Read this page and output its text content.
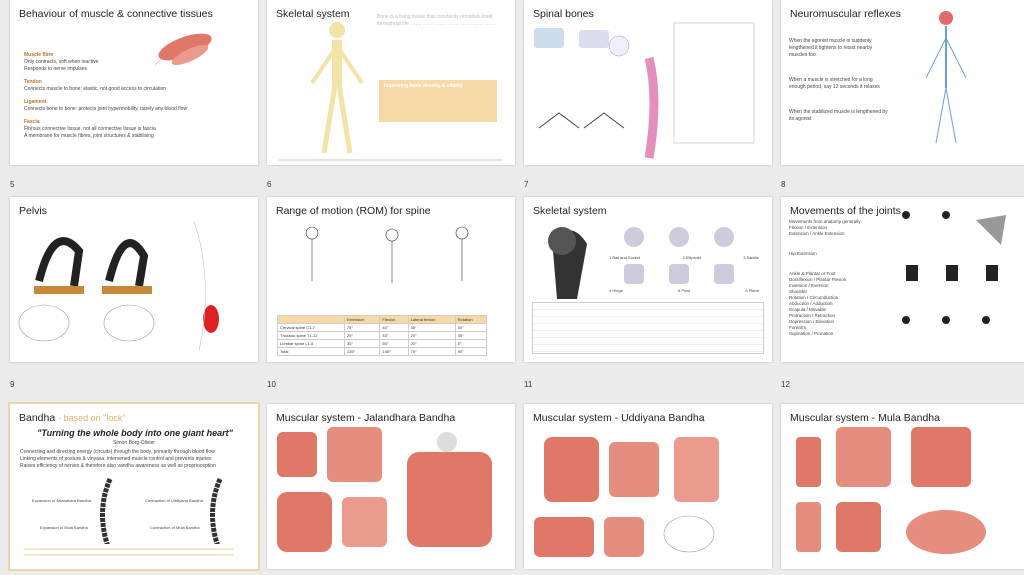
Behaviour of muscle & connective tissues
Muscle fibre
Only contracts, soft when inactive
Responds to nerve impulses
Tendon
Connects muscle to bone: elastic, not good access to circulation
Ligament
Connects bone to bone: protects joint hypermobility, barely any blood flow
Fascia
Fibrous connective tissue, not all connective tissue is fascia
A membrane for muscle fibres, joint structures & stabilising
Skeletal system	Bone is a living tissue that constantly remodels itself throughout life ........ ........ ........ ........ ........ ........ ........
Improving bone density & vitality
Spinal bones	Neuromuscular reflexes
When the agonist muscle is suddenly lengthened it tightens to resist nearby muscles too
When a muscle is stretched for a long enough period, say 12 seconds it relaxes
When the stabilized muscle is lengthened by its agonist
5	6	7	8
Pelvis	Range of motion (ROM) for spine
	Extension	Flexion	Lateral flexion	Rotation
Cervical spine C1-7	75°	40°	35°	50°
Thoracic spine T1-12	25°	45°	20°	35°
Lumbar spine L1-5	35°	60°	20°	5°
Total	135°	145°	75°	90°
Skeletal system
1 Ball and Socket	2 Ellipsoid	3 Saddle
4 Hinge	5 Pivot	6 Plane
Movements of the joints
Movements from anatomy generally
Flexion / Extension
Extension / Ankle Extension
Hip Extension
Ankle & Plantar or Foot
Dorsiflexion / Plantar Flexion
Inversion / Eversion
Shoulder
Rotation / Circumduction
Abduction / Adduction
Scapula / Movable
Protraction / Retraction
Depression / Elevation
Forearm
Supination / Pronation
9	10	11	12
Bandha - based on "lock"
"Turning the whole body into one giant heart"
Simon Borg-Olivier
Connecting and directing energy (circuits) through the body, primarily through blood flow
Linking elements of posture & vinyasa: intervened muscle control and prevents injuries
Raises efficiency of nerves & therefore also vandha awareness as well as proprioception
Expansion of Jalandhara Bandha	Contraction of Uddiyana Bandha
Expansion of Mula Bandha	Contraction of Mula Bandha
Muscular system - Jalandhara Bandha	Muscular system - Uddiyana Bandha	Muscular system - Mula Bandha
